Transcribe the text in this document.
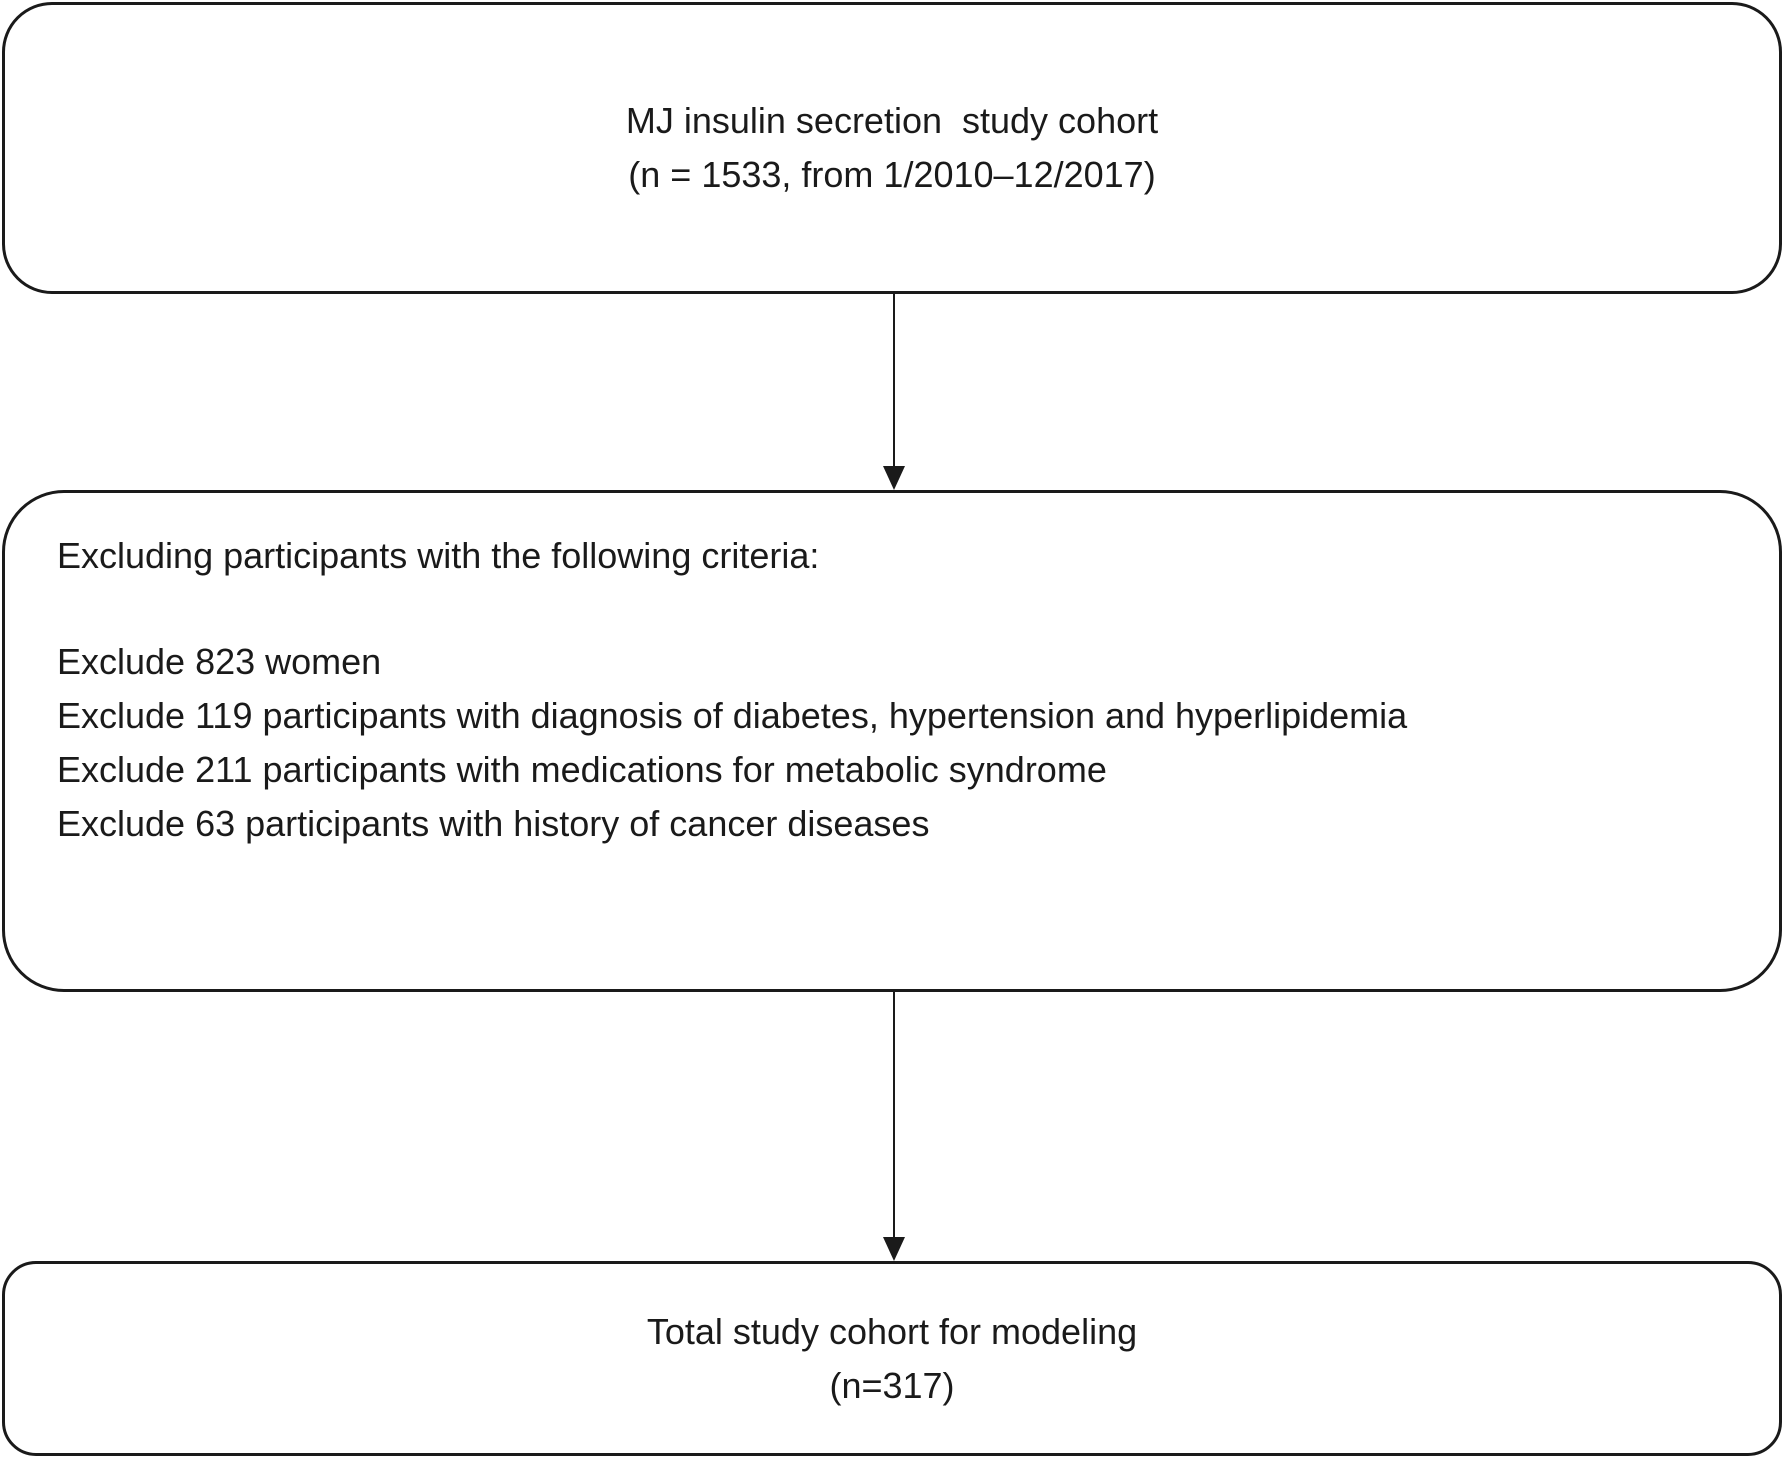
MJ insulin secretion  study cohort
(n = 1533, from 1/2010–12/2017)
Excluding participants with the following criteria:
Exclude 823 women
Exclude 119 participants with diagnosis of diabetes, hypertension and hyperlipidemia
Exclude 211 participants with medications for metabolic syndrome
Exclude 63 participants with history of cancer diseases
Total study cohort for modeling
(n=317)
